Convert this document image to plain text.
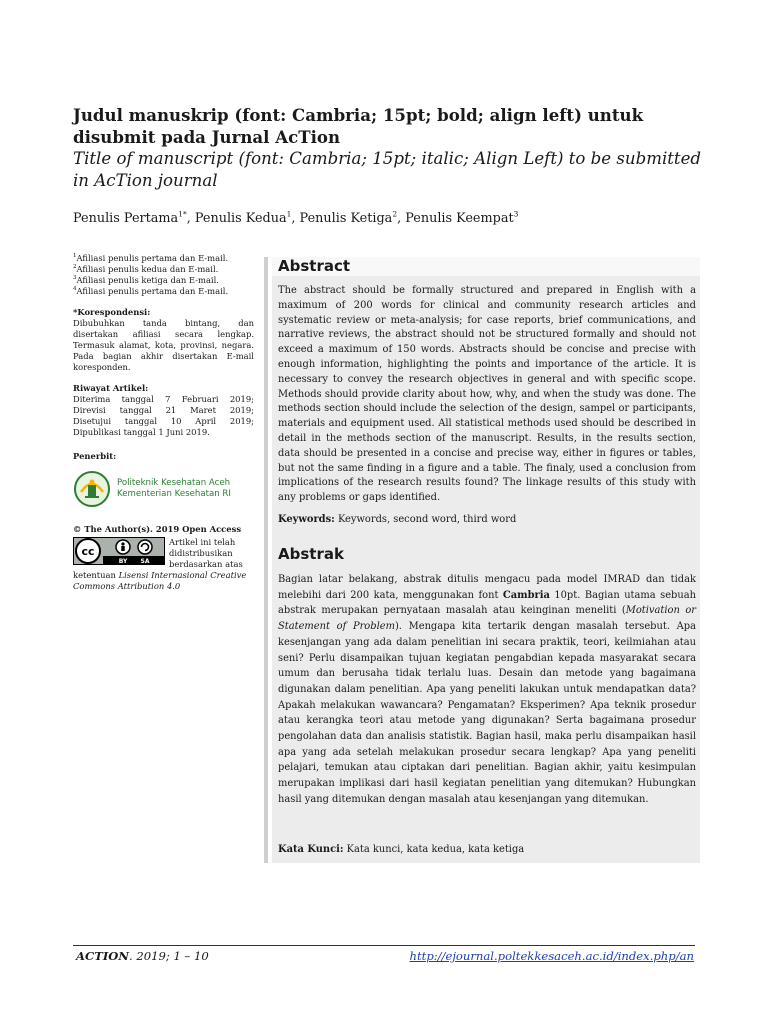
Judul manuskrip (font: Cambria; 15pt; bold; align left) untuk disubmit pada Jurnal AcTion
Title of manuscript (font: Cambria; 15pt; italic; Align Left) to be submitted in AcTion journal
Penulis Pertama$^{1*}$, Penulis Kedua$^1$, Penulis Ketiga$^2$, Penulis Keempat$^3$
$^1$Afiliasi penulis pertama dan E-mail.
$^2$Afiliasi penulis kedua dan E-mail.
$^3$Afiliasi penulis ketiga dan E-mail.
$^4$Afiliasi penulis pertama dan E-mail.
*Korespondensi:
Dibubuhkan tanda bintang, dan disertakan afiliasi secara lengkap. Termasuk alamat, kota, provinsi, negara. Pada bagian akhir disertakan E-mail koresponden.
Riwayat Artikel:
Diterima tanggal 7 Februari 2019;
Direvisi tanggal 21 Maret 2019;
Disetujui tanggal 10 April 2019;
Dipublikasi tanggal 1 Juni 2019.
Penerbit:
Politeknik Kesehatan Aceh
Kementerian Kesehatan RI
© The Author(s). 2019 Open Access
cc
BY SA
Artikel ini telah
didistribusikan
berdasarkan atas
ketentuan Lisensi Internasional Creative Commons Attribution 4.0
Abstract
The abstract should be formally structured and prepared in English with a maximum of 200 words for clinical and community research articles and systematic review or meta-analysis; for case reports, brief communications, and narrative reviews, the abstract should not be structured formally and should not exceed a maximum of 150 words. Abstracts should be concise and precise with enough information, highlighting the points and importance of the article. It is necessary to convey the research objectives in general and with specific scope. Methods should provide clarity about how, why, and when the study was done. The methods section should include the selection of the design, sampel or participants, materials and equipment used. All statistical methods used should be described in detail in the methods section of the manuscript. Results, in the results section, data should be presented in a concise and precise way, either in figures or tables, but not the same finding in a figure and a table. The finaly, used a conclusion from implications of the research results found? The linkage results of this study with any problems or gaps identified.
Keywords: Keywords, second word, third word
Abstrak
Bagian latar belakang, abstrak ditulis mengacu pada model IMRAD dan tidak melebihi dari 200 kata, menggunakan font Cambria 10pt. Bagian utama sebuah abstrak merupakan pernyataan masalah atau keinginan meneliti (Motivation or Statement of Problem). Mengapa kita tertarik dengan masalah tersebut. Apa kesenjangan yang ada dalam penelitian ini secara praktik, teori, keilmiahan atau seni? Perlu disampaikan tujuan kegiatan pengabdian kepada masyarakat secara umum dan berusaha tidak terlalu luas. Desain dan metode yang bagaimana digunakan dalam penelitian. Apa yang peneliti lakukan untuk mendapatkan data? Apakah melakukan wawancara? Pengamatan? Eksperimen? Apa teknik prosedur atau kerangka teori atau metode yang digunakan? Serta bagaimana prosedur pengolahan data dan analisis statistik. Bagian hasil, maka perlu disampaikan hasil apa yang ada setelah melakukan prosedur secara lengkap? Apa yang peneliti pelajari, temukan atau ciptakan dari penelitian. Bagian akhir, yaitu kesimpulan merupakan implikasi dari hasil kegiatan penelitian yang ditemukan? Hubungkan hasil yang ditemukan dengan masalah atau kesenjangan yang ditemukan.
Kata Kunci: Kata kunci, kata kedua, kata ketiga
ACTION. 2019; 1 – 10	http://ejournal.poltekkesaceh.ac.id/index.php/an
